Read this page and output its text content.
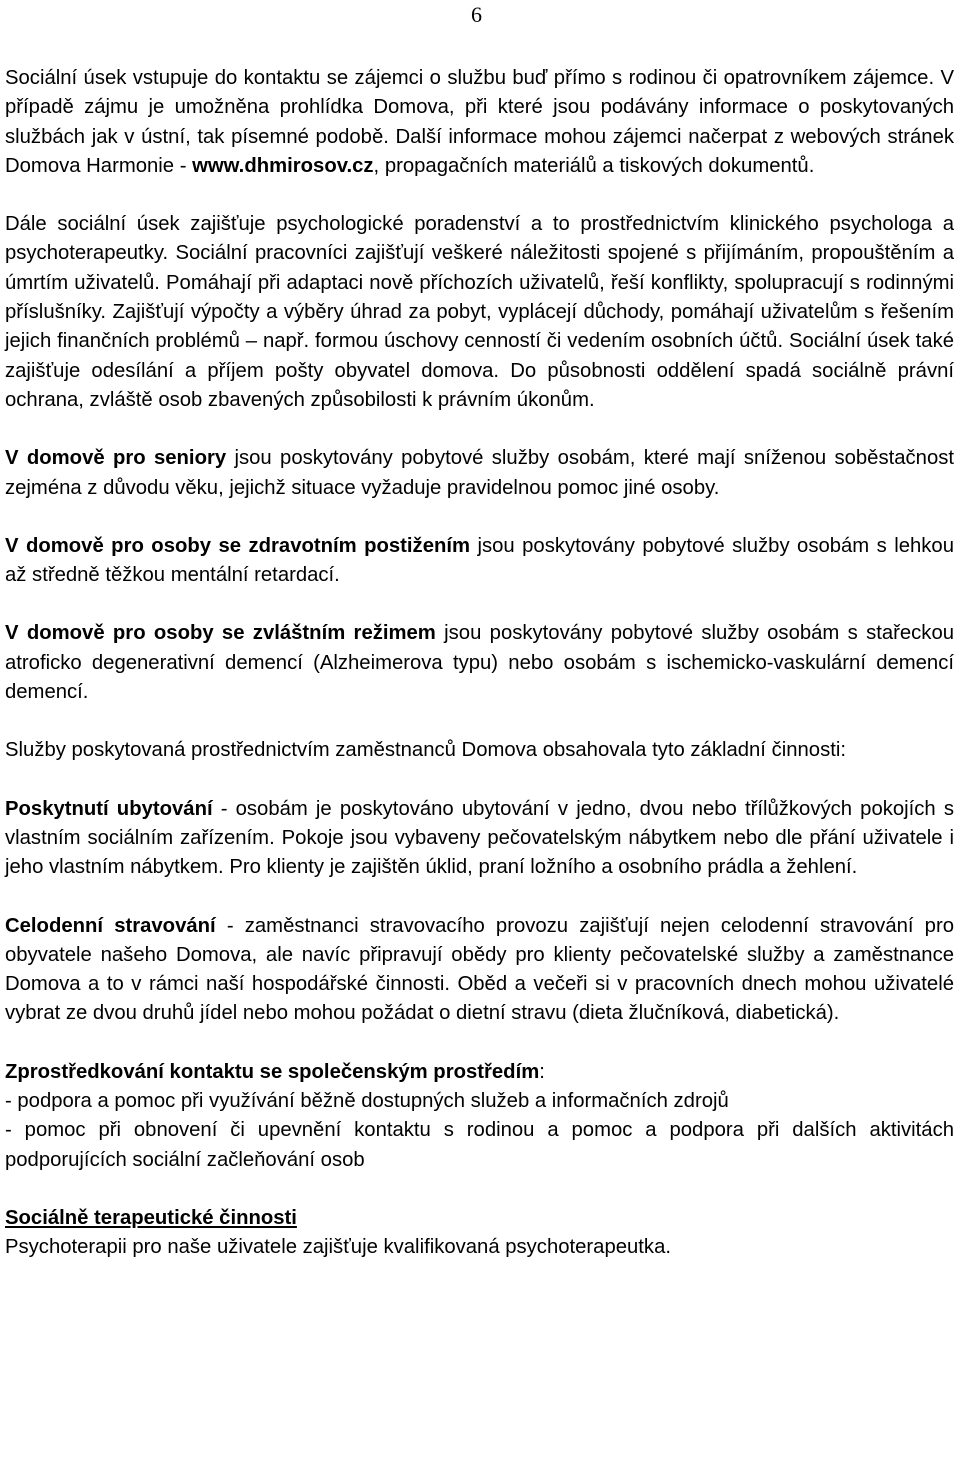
6

Sociální úsek vstupuje do kontaktu se zájemci o službu buď přímo s rodinou či opatrovníkem zájemce. V případě zájmu je umožněna prohlídka Domova, při které jsou podávány informace o poskytovaných službách jak v ústní, tak písemné podobě. Další informace mohou zájemci načerpat z webových stránek Domova Harmonie - www.dhmirosov.cz, propagačních materiálů a tiskových dokumentů.

Dále sociální úsek zajišťuje psychologické poradenství a to prostřednictvím klinického psychologa a psychoterapeutky. Sociální pracovníci zajišťují veškeré náležitosti spojené s přijímáním, propouštěním a úmrtím uživatelů. Pomáhají při adaptaci nově příchozích uživatelů, řeší konflikty, spolupracují s rodinnými příslušníky. Zajišťují výpočty a výběry úhrad za pobyt, vyplácejí důchody, pomáhají uživatelům s řešením jejich finančních problémů – např. formou úschovy cenností či vedením osobních účtů. Sociální úsek také zajišťuje odesílání a příjem pošty obyvatel domova. Do působnosti oddělení spadá sociálně právní ochrana, zvláště osob zbavených způsobilosti k právním úkonům.

V domově pro seniory jsou poskytovány pobytové služby osobám, které mají sníženou soběstačnost zejména z důvodu věku, jejichž situace vyžaduje pravidelnou pomoc jiné osoby.

V domově pro osoby se zdravotním postižením jsou poskytovány pobytové služby osobám s lehkou až středně těžkou mentální retardací.

V domově pro osoby se zvláštním režimem jsou poskytovány pobytové služby osobám s stařeckou atroficko degenerativní demencí (Alzheimerova typu) nebo osobám s ischemicko-vaskulární demencí demencí.

Služby poskytovaná prostřednictvím zaměstnanců Domova obsahovala tyto základní činnosti:

Poskytnutí ubytování - osobám je poskytováno ubytování v jedno, dvou nebo třílůžkových pokojích s vlastním sociálním zařízením. Pokoje jsou vybaveny pečovatelským nábytkem nebo dle přání uživatele i jeho vlastním nábytkem. Pro klienty je zajištěn úklid, praní ložního a osobního prádla a žehlení.

Celodenní stravování - zaměstnanci stravovacího provozu zajišťují nejen celodenní stravování pro obyvatele našeho Domova, ale navíc připravují obědy pro klienty pečovatelské služby a zaměstnance Domova a to v rámci naší hospodářské činnosti. Oběd a večeři si v pracovních dnech mohou uživatelé vybrat ze dvou druhů jídel nebo mohou požádat o dietní stravu (dieta žlučníková, diabetická).

Zprostředkování kontaktu se společenským prostředím:
- podpora a pomoc při využívání běžně dostupných služeb a informačních zdrojů
- pomoc při obnovení či upevnění kontaktu s rodinou a pomoc a podpora při dalších aktivitách podporujících sociální začleňování osob

Sociálně terapeutické činnosti
Psychoterapii pro naše uživatele zajišťuje kvalifikovaná psychoterapeutka.
